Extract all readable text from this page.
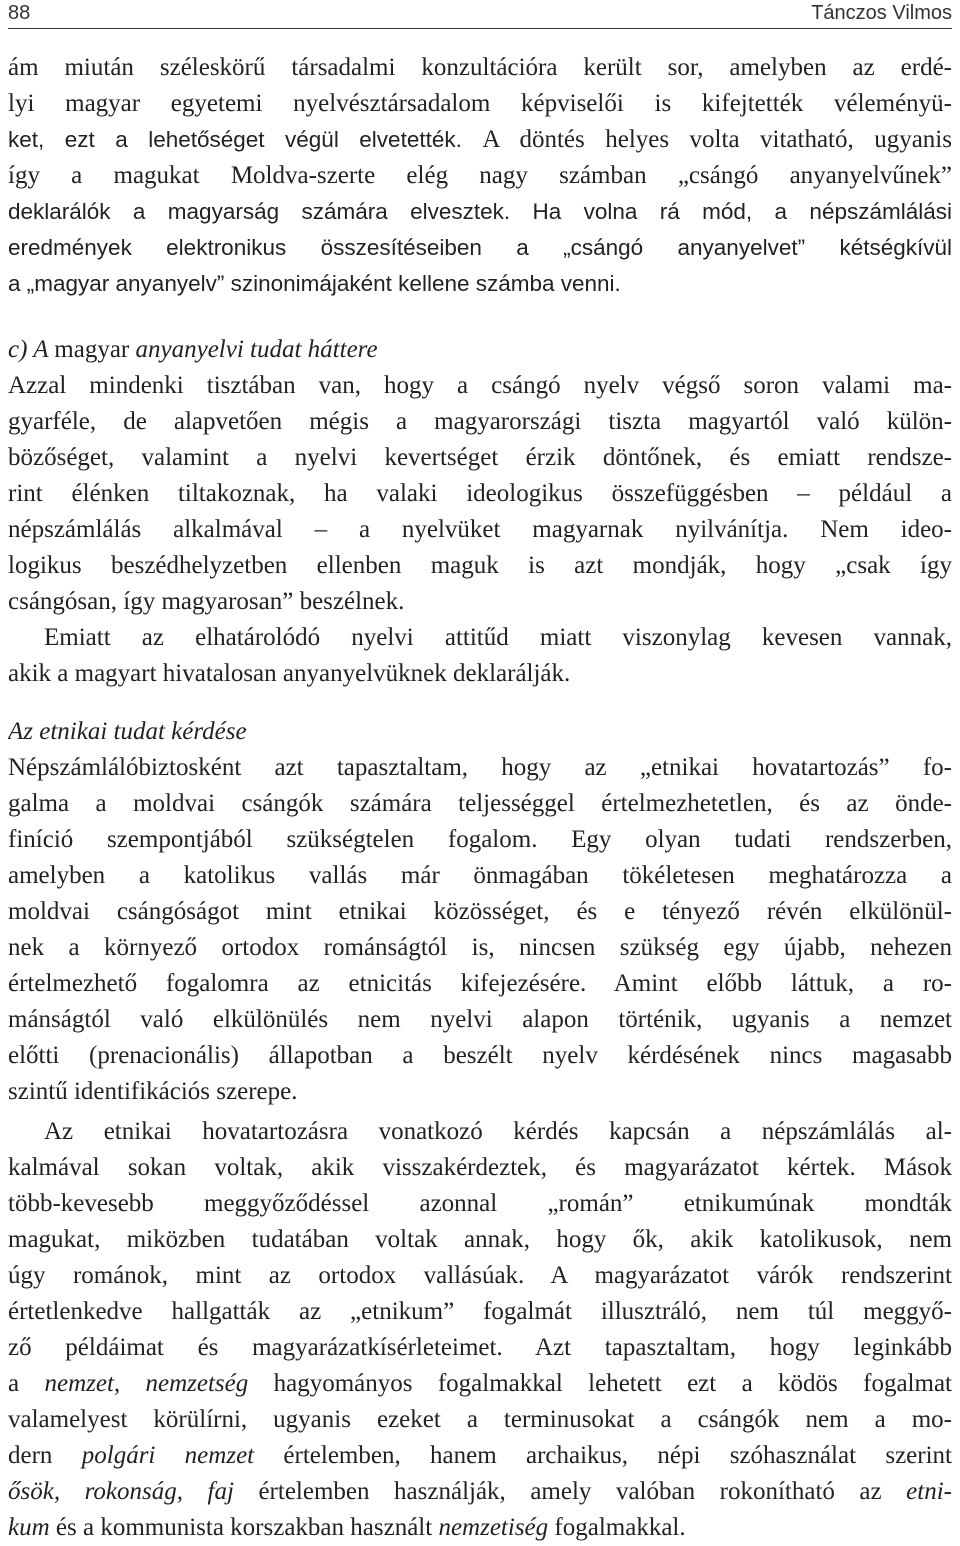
88	Tánczos Vilmos
ám miután széleskörű társadalmi konzultációra került sor, amelyben az erdé-
lyi magyar egyetemi nyelvésztársadalom képviselői is kifejtették véleményü-
ket, ezt a lehetőséget végül elvetették. A döntés helyes volta vitatható, ugyanis
így a magukat Moldva-szerte elég nagy számban „csángó anyanyelvűnek”
deklarálók a magyarság számára elvesztek. Ha volna rá mód, a népszámlálási
eredmények elektronikus összesítéseiben a „csángó anyanyelvet” kétségkívül
a „magyar anyanyelv” szinonimájaként kellene számba venni.
c) A magyar anyanyelvi tudat háttere
Azzal mindenki tisztában van, hogy a csángó nyelv végső soron valami ma-
gyarféle, de alapvetően mégis a magyarországi tiszta magyartól való külön-
bözőséget, valamint a nyelvi kevertséget érzik döntőnek, és emiatt rendsze-
rint élénken tiltakoznak, ha valaki ideologikus összefüggésben – például a
népszámlálás alkalmával – a nyelvüket magyarnak nyilvánítja. Nem ideo-
logikus beszédhelyzetben ellenben maguk is azt mondják, hogy „csak így
csángósan, így magyarosan” beszélnek.
Emiatt az elhatárolódó nyelvi attitűd miatt viszonylag kevesen vannak,
akik a magyart hivatalosan anyanyelvüknek deklarálják.
Az etnikai tudat kérdése
Népszámlálóbiztosként azt tapasztaltam, hogy az „etnikai hovatartozás” fo-
galma a moldvai csángók számára teljességgel értelmezhetetlen, és az önde-
finíció szempontjából szükségtelen fogalom. Egy olyan tudati rendszerben,
amelyben a katolikus vallás már önmagában tökéletesen meghatározza a
moldvai csángóságot mint etnikai közösséget, és e tényező révén elkülönül-
nek a környező ortodox románságtól is, nincsen szükség egy újabb, nehezen
értelmezhető fogalomra az etnicitás kifejezésére. Amint előbb láttuk, a ro-
mánságtól való elkülönülés nem nyelvi alapon történik, ugyanis a nemzet
előtti (prenacionális) állapotban a beszélt nyelv kérdésének nincs magasabb
szintű identifikációs szerepe.
Az etnikai hovatartozásra vonatkozó kérdés kapcsán a népszámlálás al-
kalmával sokan voltak, akik visszakérdeztek, és magyarázatot kértek. Mások
több-kevesebb meggyőződéssel azonnal „román” etnikumúnak mondták
magukat, miközben tudatában voltak annak, hogy ők, akik katolikusok, nem
úgy románok, mint az ortodox vallásúak. A magyarázatot várók rendszerint
értetlenkedve hallgatták az „etnikum” fogalmát illusztráló, nem túl meggyő-
ző példáimat és magyarázatkísérleteimet. Azt tapasztaltam, hogy leginkább
a nemzet, nemzetség hagyományos fogalmakkal lehetett ezt a ködös fogalmat
valamelyest körülírni, ugyanis ezeket a terminusokat a csángók nem a mo-
dern polgári nemzet értelemben, hanem archaikus, népi szóhasználat szerint
ősök, rokonság, faj értelemben használják, amely valóban rokonítható az etni-
kum és a kommunista korszakban használt nemzetiség fogalmakkal.
